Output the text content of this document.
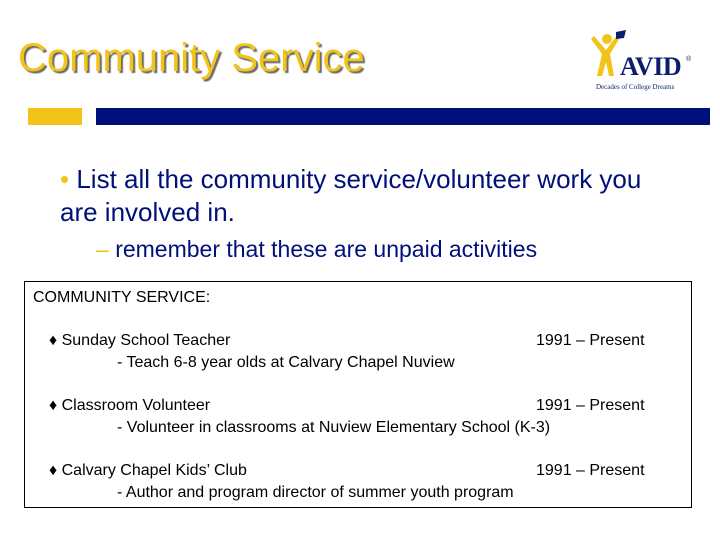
Community Service	AVID ®
Decades of College Dreams
• List all the community service/volunteer work you are involved in.
– remember that these are unpaid activities
COMMUNITY SERVICE:
♦ Sunday School Teacher	1991 – Present
- Teach 6-8 year olds at Calvary Chapel Nuview
♦ Classroom Volunteer	1991 – Present
- Volunteer in classrooms at Nuview Elementary School (K-3)
♦ Calvary Chapel Kids’ Club	1991 – Present
- Author and program director of summer youth program
